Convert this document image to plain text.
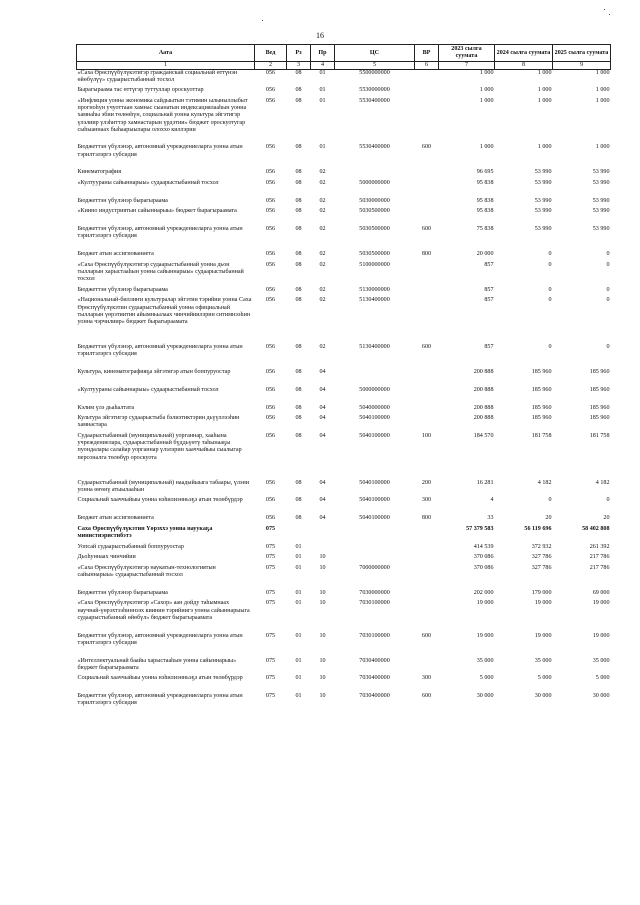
16
Аата	Вед	Рз	Пр	ЦС	ВР	2023 сылга суумата	2024 сылга суумата	2025 сылга суумата
1	2	3	4	5	6	7	8	9
«Саха Өрөспүүбүлүкэтигэр гражданскай социальнай өттүнэн өйөбүлүү» судаарыстыбаннай тосхол	056	08	01	5500000000		1 000	1 000	1 000
Бырагыраама тас өттүгэр туттуллар ороскуоттар	056	08	01	5530000000		1 000	1 000	1 000
«Инфляция уонна экономика сайдыытын тэтимин ылыныллыбыт прогноһун учуоттаан хамнас сыанатын индексациялааһын уонна хамнаһы эбии төлөөһүн, социальнай уонна культура эйгэтигэр үлэлиир үлэһиттэр хамнастарын үрдэтии» бюджет ороскуотугар сыһыаннаах быһаарыылары олоххо киллэрии	056	08	01	5530400000		1 000	1 000	1 000
Бюджеттэн үбүлэнэр, автономнай учреждениеларга уонна атын тэрилтэлэргэ субсидия	056	08	01	5530400000	600	1 000	1 000	1 000
Кинематография	056	08	02			96 695	53 990	53 990
«Култуураны сайыннарыы» судаарыстыбаннай тосхол	056	08	02	5000000000		95 838	53 990	53 990
Бюджеттэн үбүлэнэр бырагыраама	056	08	02	5030000000		95 838	53 990	53 990
«Киино индустриятын сайыннарыы» бюджет бырагыраамата	056	08	02	5030500000		95 838	53 990	53 990
Бюджеттэн үбүлэнэр, автономнай учреждениеларга уонна атын тэрилтэлэргэ субсидия	056	08	02	5030500000	600	75 838	53 990	53 990
Бюджет атын ассигнованиета	056	08	02	5030500000	800	20 000	0	0
«Саха Өрөспүүбүлүкэтигэр судаарыстыбаннай уонна дьон тылларын харыстааһын уонна сайыннарыы» судаарыстыбаннай тосхол	056	08	02	5100000000		857	0	0
Бюджеттэн үбүлэнэр бырагыраама	056	08	02	5130000000		857	0	0
«Национальнай-биллиҥи культуралар эйгэтин тэрийии уонна Саха Өрөспүүбүлүкэтин судаарыстыбаннай уонна официальнай тылларын үөрэтиитин айымньылаах чинчийиилэрин ситимнээһин уонна чэрчилиир» бюджет бырагыраамата	056	08	02	5130400000		857	0	0
Бюджеттэн үбүлэнэр, автономнай учреждениеларга уонна атын тэрилтэлэргэ субсидия	056	08	02	5130400000	600	857	0	0
Культура, кинематографияҕа эйгэтигэр атын боппуруостар	056	08	04			200 888	185 960	185 960
«Култуураны сайыннарыы» судаарыстыбаннай тосхол	056	08	04	5000000000		200 888	185 960	185 960
Кэлим үлэ дьаһалтата	056	08	04	5040000000		200 888	185 960	185 960
Культура эйгэтигэр судаарыстыба бэлиэтиктэрин дьүүллээһин хамнастара	056	08	04	5040100000		200 888	185 960	185 960
Судаарыстыбаннай (муниципальнай) уорганнар, хааһына учреждениелара, судаарыстыбаннай бүддьүөтү таһынааҕы пуондалары салайар уорганнар үлэлэрин хааччыйыы сыалыгар персоналга төлөбүр ороскуота	056	08	04	5040100000	100	184 570	181 758	181 758
Судаарыстыбаннай (муниципальнай) наадыйыыга табаары, үлэни уонна өҥөнү атыылааһын	056	08	04	5040100000	200	16 281	4 182	4 182
Социальнай хааччыйыы уонна нэһилиэнньэҕэ атын төлөбүрдэр	056	08	04	5040100000	300	4	0	0
Бюджет атын ассигнованиета	056	08	04	5040100000	800	33	20	20
Саха Өрөспүүбүлүкэтин Үөрэххэ уонна науукаҕа министиэристибэтэ	075					57 379 583	56 119 696	58 402 808
Уопсай судаарыстыбаннай боппуруостар	075	01				414 539	372 932	261 392
Дьоһуннаах чинчийии	075	01	10			370 086	327 786	217 786
«Саха Өрөспүүбүлүкэтигэр наукатын-технологиятын сайыннарыы» судаарыстыбаннай тосхол	075	01	10	7000000000		370 086	327 786	217 786
Бюджеттэн үбүлэнэр бырагыраама	075	01	10	7030000000		202 000	179 000	69 000
«Саха Өрөспүүбүлүкэтигэр «Сахор» аан дойду таһымнаах научнай-үөрэхтээһиннээх киинин тэрийиигэ уонна сайыннарыыга судаарыстыбаннай өйөбүл» бюджет бырагыраамата	075	01	10	7030100000		19 000	19 000	19 000
Бюджеттэн үбүлэнэр, автономнай учреждениеларга уонна атын тэрилтэлэргэ субсидия	075	01	10	7030100000	600	19 000	19 000	19 000
«Интеллектуальнай баайы харыстааһын уонна сайыннарыы» бюджет бырагыраамата	075	01	10	7030400000		35 000	35 000	35 000
Социальнай хааччыйыы уонна нэһилиэнньэҕэ атын төлөбүрдэр	075	01	10	7030400000	300	5 000	5 000	5 000
Бюджеттэн үбүлэнэр, автономнай учреждениеларга уонна атын тэрилтэлэргэ субсидия	075	01	10	7030400000	600	30 000	30 000	30 000
